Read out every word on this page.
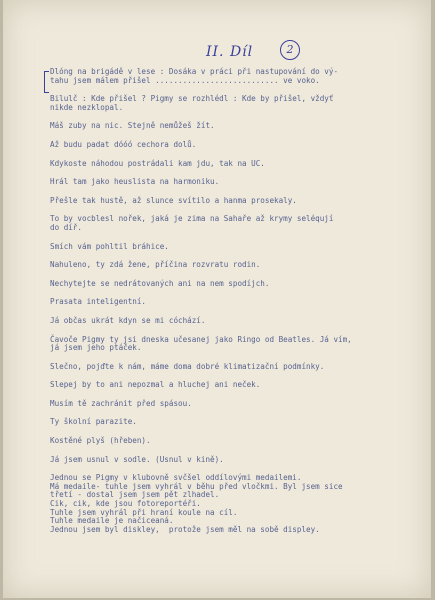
II. Díl	2

Dlóng na brigádě v lese : Dosáka v práci při nastupování do vý-

tahu jsem málem přišel ........................... ve voko.

Bilulč : Kde přišel ? Pigmy se rozhlédl : Kde by přišel, vždyť

nikde nezklopal.

Máš zuby na nic. Stejně nemůžeš žít.

Až budu padat dóóó cechora dolů.

Kdykoste náhodou postrádali kam jdu, tak na UC.

Hrál tam jako heuslista na harmoniku.

Přešle tak hustě, až slunce svítilo a hanma prosekaly.

To by vocblesl nořek, jaká je zima na Sahaře až krymy seléqují

do díř.

Smích vám pohltil bráhice.

Nahuleno, ty zdá žene, příčina rozvratu rodin.

Nechytejte se nedrátovaných ani na nem spodíjch.

Prasata inteligentní.

Já občas ukrát kdyn se mi cóchází.

Čavoče Pigmy ty jsi dneska učesanej jako Ringo od Beatles. Já vím,

já jsem jeho ptáček.

Slečno, pojďte k nám, máme doma dobré klimatizační podmínky.

Slepej by to ani nepozmal a hluchej ani neček.

Musím tě zachránit před spásou.

Ty školní parazite.

Kostěné plyš (hřeben).

Já jsem usnul v sodle. (Usnul v kině).

Jednou se Pigmy v klubovně svčšel oddílovými medailemi.

Má medaile- tuhle jsem vyhrál v běhu před vločkmi. Byl jsem sice

třetí - dostal jsem jsem pět zlhadel.

Cik, cik, kde jsou fotoreportéři.

Tuhle jsem vyhrál při hraní koule na cíl.

Tuhle medaile je načiceaná.

Jednou jsem byl diskley,  protože jsem měl na sobě displey.
